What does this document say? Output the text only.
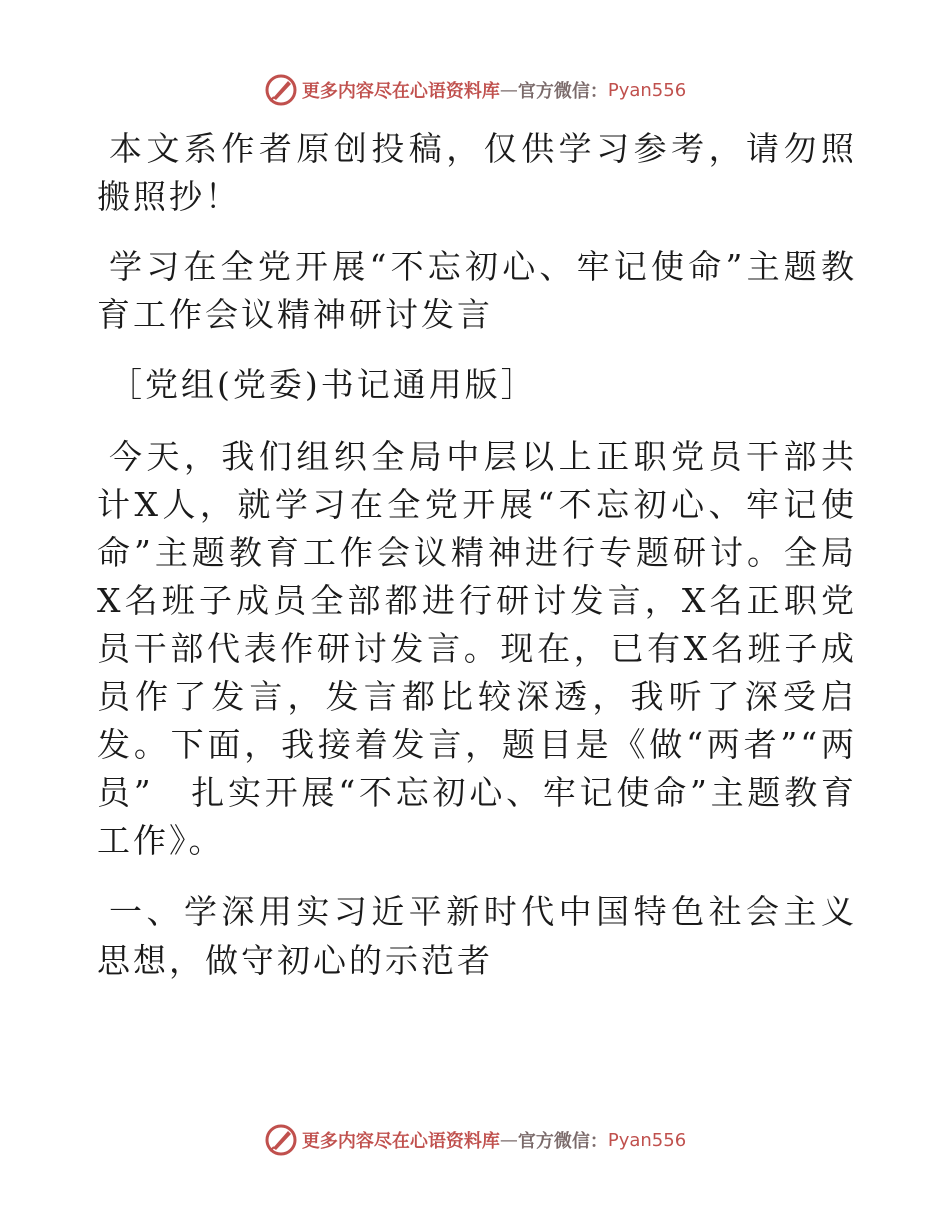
更多内容尽在心语资料库 — 官方微信： Pyan556

本文系作者原创投稿，仅供学习参考，请勿照搬照抄！

学习在全党开展“不忘初心、牢记使命”主题教育工作会议精神研讨发言

［党组(党委)书记通用版］

今天，我们组织全局中层以上正职党员干部共计X人，就学习在全党开展“不忘初心、牢记使命”主题教育工作会议精神进行专题研讨。全局X名班子成员全部都进行研讨发言，X名正职党员干部代表作研讨发言。现在，已有X名班子成员作了发言，发言都比较深透，我听了深受启发。下面，我接着发言，题目是《做“两者”“两员”　扎实开展“不忘初心、牢记使命”主题教育工作》。

一、学深用实习近平新时代中国特色社会主义思想，做守初心的示范者

更多内容尽在心语资料库 — 官方微信： Pyan556
